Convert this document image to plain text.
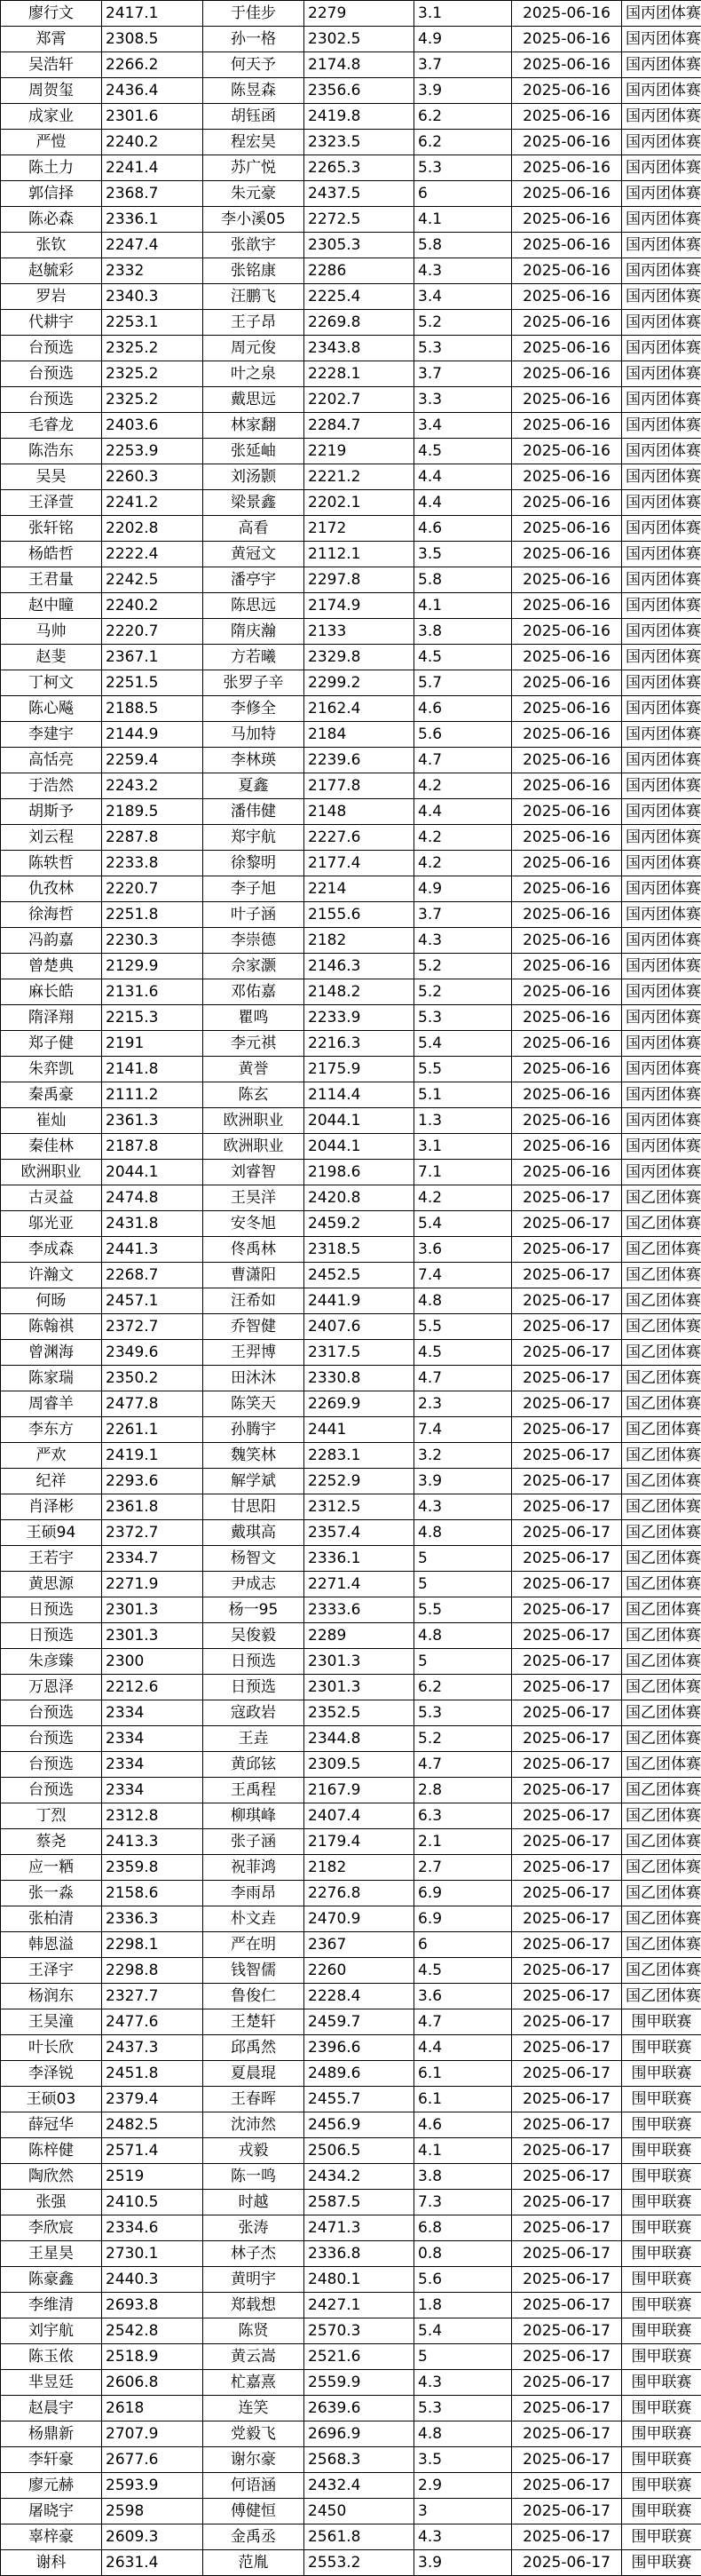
廖行文	2417.1	于佳步	2279	3.1	2025-06-16	国丙团体赛
郑霄	2308.5	孙一格	2302.5	4.9	2025-06-16	国丙团体赛
吴浩轩	2266.2	何天予	2174.8	3.7	2025-06-16	国丙团体赛
周贺玺	2436.4	陈昱森	2356.6	3.9	2025-06-16	国丙团体赛
成家业	2301.6	胡钰函	2419.8	6.2	2025-06-16	国丙团体赛
严愷	2240.2	程宏昊	2323.5	6.2	2025-06-16	国丙团体赛
陈土力	2241.4	苏广悦	2265.3	5.3	2025-06-16	国丙团体赛
郭信择	2368.7	朱元豪	2437.5	6	2025-06-16	国丙团体赛
陈必森	2336.1	李小溪05	2272.5	4.1	2025-06-16	国丙团体赛
张钦	2247.4	张歆宇	2305.3	5.8	2025-06-16	国丙团体赛
赵毓彩	2332	张铭康	2286	4.3	2025-06-16	国丙团体赛
罗岩	2340.3	汪鹏飞	2225.4	3.4	2025-06-16	国丙团体赛
代耕宇	2253.1	王子昂	2269.8	5.2	2025-06-16	国丙团体赛
台预选	2325.2	周元俊	2343.8	5.3	2025-06-16	国丙团体赛
台预选	2325.2	叶之泉	2228.1	3.7	2025-06-16	国丙团体赛
台预选	2325.2	戴思远	2202.7	3.3	2025-06-16	国丙团体赛
毛睿龙	2403.6	林家翻	2284.7	3.4	2025-06-16	国丙团体赛
陈浩东	2253.9	张延岫	2219	4.5	2025-06-16	国丙团体赛
吴昊	2260.3	刘汤颢	2221.2	4.4	2025-06-16	国丙团体赛
王泽萱	2241.2	梁景鑫	2202.1	4.4	2025-06-16	国丙团体赛
张轩铭	2202.8	高看	2172	4.6	2025-06-16	国丙团体赛
杨皓哲	2222.4	黄冠文	2112.1	3.5	2025-06-16	国丙团体赛
王君量	2242.5	潘亭宇	2297.8	5.8	2025-06-16	国丙团体赛
赵中瞳	2240.2	陈思远	2174.9	4.1	2025-06-16	国丙团体赛
马帅	2220.7	隋庆瀚	2133	3.8	2025-06-16	国丙团体赛
赵斐	2367.1	方若曦	2329.8	4.5	2025-06-16	国丙团体赛
丁柯文	2251.5	张罗子辛	2299.2	5.7	2025-06-16	国丙团体赛
陈心飚	2188.5	李修全	2162.4	4.6	2025-06-16	国丙团体赛
李建宇	2144.9	马加特	2184	5.6	2025-06-16	国丙团体赛
高恬亮	2259.4	李林瑛	2239.6	4.7	2025-06-16	国丙团体赛
于浩然	2243.2	夏鑫	2177.8	4.2	2025-06-16	国丙团体赛
胡斯予	2189.5	潘伟健	2148	4.4	2025-06-16	国丙团体赛
刘云程	2287.8	郑宇航	2227.6	4.2	2025-06-16	国丙团体赛
陈轶哲	2233.8	徐黎明	2177.4	4.2	2025-06-16	国丙团体赛
仇孜林	2220.7	李子旭	2214	4.9	2025-06-16	国丙团体赛
徐海哲	2251.8	叶子涵	2155.6	3.7	2025-06-16	国丙团体赛
冯韵嘉	2230.3	李崇德	2182	4.3	2025-06-16	国丙团体赛
曾楚典	2129.9	佘家灏	2146.3	5.2	2025-06-16	国丙团体赛
麻长皓	2131.6	邓佑嘉	2148.2	5.2	2025-06-16	国丙团体赛
隋泽翔	2215.3	瞿鸣	2233.9	5.3	2025-06-16	国丙团体赛
郑子健	2191	李元祺	2216.3	5.4	2025-06-16	国丙团体赛
朱弈凯	2141.8	黄誉	2175.9	5.5	2025-06-16	国丙团体赛
秦禹豪	2111.2	陈玄	2114.4	5.1	2025-06-16	国丙团体赛
崔灿	2361.3	欧洲职业	2044.1	1.3	2025-06-16	国丙团体赛
秦佳林	2187.8	欧洲职业	2044.1	3.1	2025-06-16	国丙团体赛
欧洲职业	2044.1	刘睿智	2198.6	7.1	2025-06-16	国丙团体赛
古灵益	2474.8	王昊洋	2420.8	4.2	2025-06-17	国乙团体赛
邬光亚	2431.8	安冬旭	2459.2	5.4	2025-06-17	国乙团体赛
李成森	2441.3	佟禹林	2318.5	3.6	2025-06-17	国乙团体赛
许瀚文	2268.7	曹潇阳	2452.5	7.4	2025-06-17	国乙团体赛
何旸	2457.1	汪希如	2441.9	4.8	2025-06-17	国乙团体赛
陈翰祺	2372.7	乔智健	2407.6	5.5	2025-06-17	国乙团体赛
曾渊海	2349.6	王羿博	2317.5	4.5	2025-06-17	国乙团体赛
陈家瑞	2350.2	田沐沐	2330.8	4.7	2025-06-17	国乙团体赛
周睿羊	2477.8	陈笑天	2269.9	2.3	2025-06-17	国乙团体赛
李东方	2261.1	孙腾宇	2441	7.4	2025-06-17	国乙团体赛
严欢	2419.1	魏笑林	2283.1	3.2	2025-06-17	国乙团体赛
纪祥	2293.6	解学斌	2252.9	3.9	2025-06-17	国乙团体赛
肖泽彬	2361.8	甘思阳	2312.5	4.3	2025-06-17	国乙团体赛
王硕94	2372.7	戴琪高	2357.4	4.8	2025-06-17	国乙团体赛
王若宇	2334.7	杨智文	2336.1	5	2025-06-17	国乙团体赛
黄思源	2271.9	尹成志	2271.4	5	2025-06-17	国乙团体赛
日预选	2301.3	杨一95	2333.6	5.5	2025-06-17	国乙团体赛
日预选	2301.3	吴俊毅	2289	4.8	2025-06-17	国乙团体赛
朱彦臻	2300	日预选	2301.3	5	2025-06-17	国乙团体赛
万恩泽	2212.6	日预选	2301.3	6.2	2025-06-17	国乙团体赛
台预选	2334	寇政岩	2352.5	5.3	2025-06-17	国乙团体赛
台预选	2334	王垚	2344.8	5.2	2025-06-17	国乙团体赛
台预选	2334	黄邱铉	2309.5	4.7	2025-06-17	国乙团体赛
台预选	2334	王禹程	2167.9	2.8	2025-06-17	国乙团体赛
丁烈	2312.8	柳琪峰	2407.4	6.3	2025-06-17	国乙团体赛
蔡尧	2413.3	张子涵	2179.4	2.1	2025-06-17	国乙团体赛
应一粞	2359.8	祝菲鸿	2182	2.7	2025-06-17	国乙团体赛
张一淼	2158.6	李雨昂	2276.8	6.9	2025-06-17	国乙团体赛
张柏清	2336.3	朴文垚	2470.9	6.9	2025-06-17	国乙团体赛
韩恩溢	2298.1	严在明	2367	6	2025-06-17	国乙团体赛
王泽宇	2298.8	钱智儒	2260	4.5	2025-06-17	国乙团体赛
杨润东	2327.7	鲁俊仁	2228.4	3.6	2025-06-17	国乙团体赛
王昊潼	2477.6	王楚轩	2459.7	4.7	2025-06-17	围甲联赛
叶长欣	2437.3	邱禹然	2396.6	4.4	2025-06-17	围甲联赛
李泽锐	2451.8	夏晨琨	2489.6	6.1	2025-06-17	围甲联赛
王硕03	2379.4	王春晖	2455.7	6.1	2025-06-17	围甲联赛
薛冠华	2482.5	沈沛然	2456.9	4.6	2025-06-17	围甲联赛
陈梓健	2571.4	戎毅	2506.5	4.1	2025-06-17	围甲联赛
陶欣然	2519	陈一鸣	2434.2	3.8	2025-06-17	围甲联赛
张强	2410.5	时越	2587.5	7.3	2025-06-17	围甲联赛
李欣宸	2334.6	张涛	2471.3	6.8	2025-06-17	围甲联赛
王星昊	2730.1	林子杰	2336.8	0.8	2025-06-17	围甲联赛
陈豪鑫	2440.3	黄明宇	2480.1	5.6	2025-06-17	围甲联赛
李维清	2693.8	郑载想	2427.1	1.8	2025-06-17	围甲联赛
刘宇航	2542.8	陈贤	2570.3	5.4	2025-06-17	围甲联赛
陈玉侬	2518.9	黄云嵩	2521.6	5	2025-06-17	围甲联赛
芈昱廷	2606.8	杧嘉熹	2559.9	4.3	2025-06-17	围甲联赛
赵晨宇	2618	连笑	2639.6	5.3	2025-06-17	围甲联赛
杨鼎新	2707.9	党毅飞	2696.9	4.8	2025-06-17	围甲联赛
李轩豪	2677.6	谢尔豪	2568.3	3.5	2025-06-17	围甲联赛
廖元赫	2593.9	何语涵	2432.4	2.9	2025-06-17	围甲联赛
屠晓宇	2598	傅健恒	2450	3	2025-06-17	围甲联赛
辜梓豪	2609.3	金禹丞	2561.8	4.3	2025-06-17	围甲联赛
谢科	2631.4	范胤	2553.2	3.9	2025-06-17	围甲联赛
